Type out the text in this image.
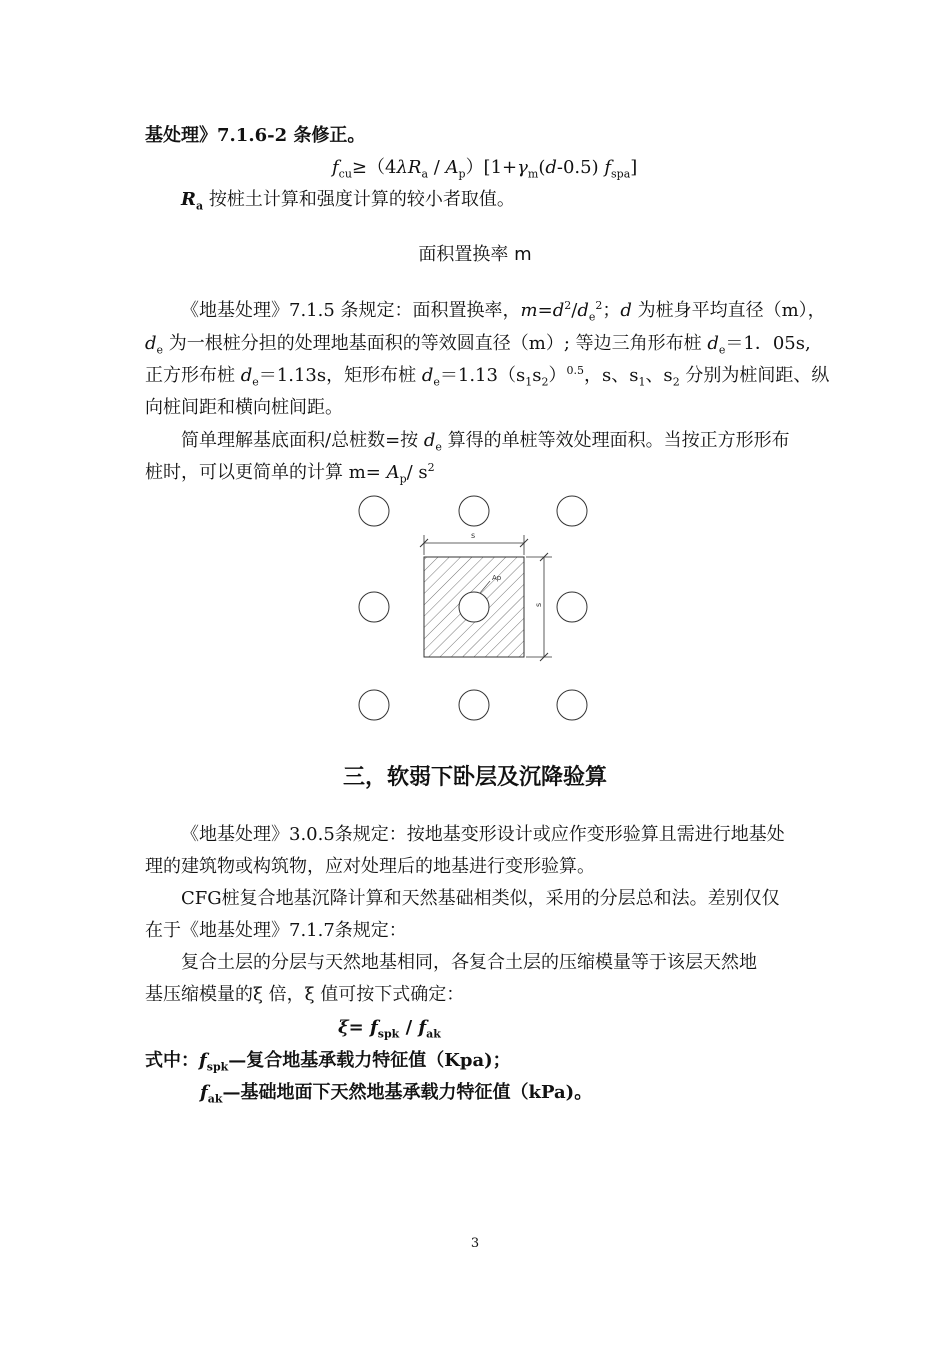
基处理》7.1.6-2 条修正。
$f_{cu}\ge(4\lambda R_a / A_p)[1+\gamma_m(d-0.5)$ $f_{spa}$]
$R_a$ 按桩土计算和强度计算的较小者取值。
面积置换率 m
《地基处理》7.1.5 条规定：面积置换率，$m=d^2/d_e^2$；d 为桩身平均直径（m），
$d_e$ 为一根桩分担的处理地基面积的等效圆直径（m）; 等边三角形布桩 $d_e=1$．05s,
正方形布桩 $d_e=1.13s$，矩形布桩 $d_e=1.13(s_1s_2)^{0.5}$，s、$s_1$、$s_2$ 分别为桩间距、纵
向桩间距和横向桩间距。
简单理解基底面积/总桩数=按 $d_e$ 算得的单桩等效处理面积。当按正方形形布
桩时，可以更简单的计算 $m= A_p/$ $s^2$
Ap
s
s
三，软弱下卧层及沉降验算
《地基处理》3.0.5条规定：按地基变形设计或应作变形验算且需进行地基处
理的建筑物或构筑物，应对处理后的地基进行变形验算。
CFG桩复合地基沉降计算和天然基础相类似，采用的分层总和法。差别仅仅
在于《地基处理》7.1.7条规定：
复合土层的分层与天然地基相同，各复合土层的压缩模量等于该层天然地
基压缩模量的ξ 倍，ξ 值可按下式确定：
$\xi= f_{spk} / f_{ak}$
式中：$f_{spk}—$复合地基承载力特征值（Kpa)；
$f_{ak}—$基础地面下天然地基承载力特征值（kPa)。
3
